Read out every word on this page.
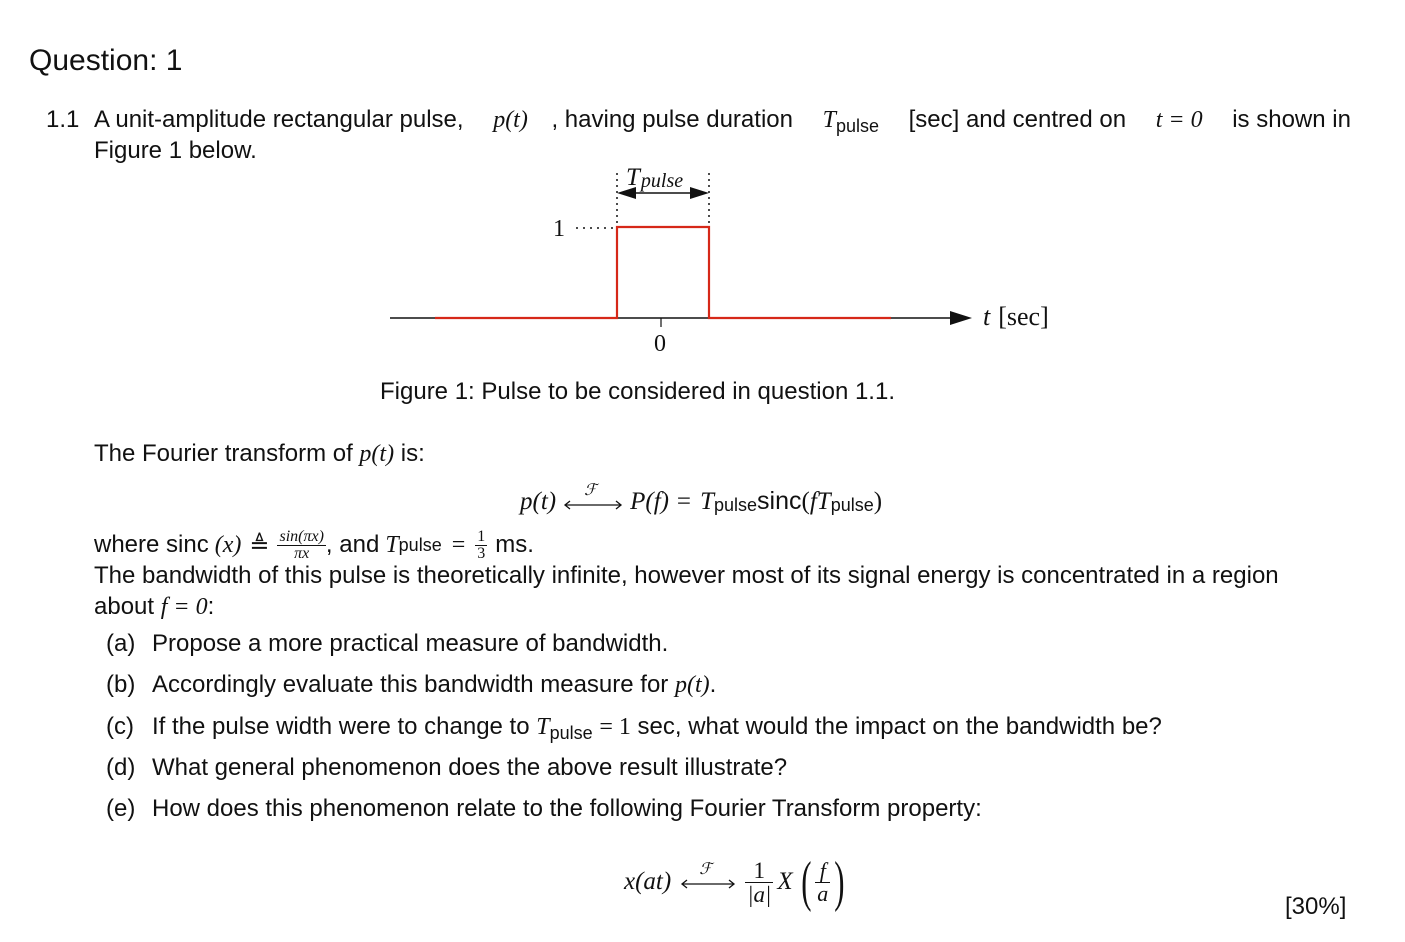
Question: 1
1.1 A unit-amplitude rectangular pulse, p(t) , having pulse duration $T_{pulse}$ [sec] and centred on t = 0 is shown in
Figure 1 below.
Tpulse
1
0
t [sec]
Figure 1: Pulse to be considered in question 1.1.
The Fourier transform of p(t) is:
p(t) ℱ P(f) = T pulse sinc ( fT pulse )
where sinc (x) ≜ $\frac{\sin(\pi x)}{\pi x}$ , and T pulse = $\frac{1}{3}$ ms.
The bandwidth of this pulse is theoretically infinite, however most of its signal energy is concentrated in a region
about f = 0:
(a) Propose a more practical measure of bandwidth.
(b) Accordingly evaluate this bandwidth measure for p(t).
(c) If the pulse width were to change to $T_{pulse} = 1$ sec, what would the impact on the bandwidth be?
(d) What general phenomenon does the above result illustrate?
(e) How does this phenomenon relate to the following Fourier Transform property:
x(at) ℱ $\frac{1}{|a|}$ X ( $\frac{f}{a}$ )	[30%]
